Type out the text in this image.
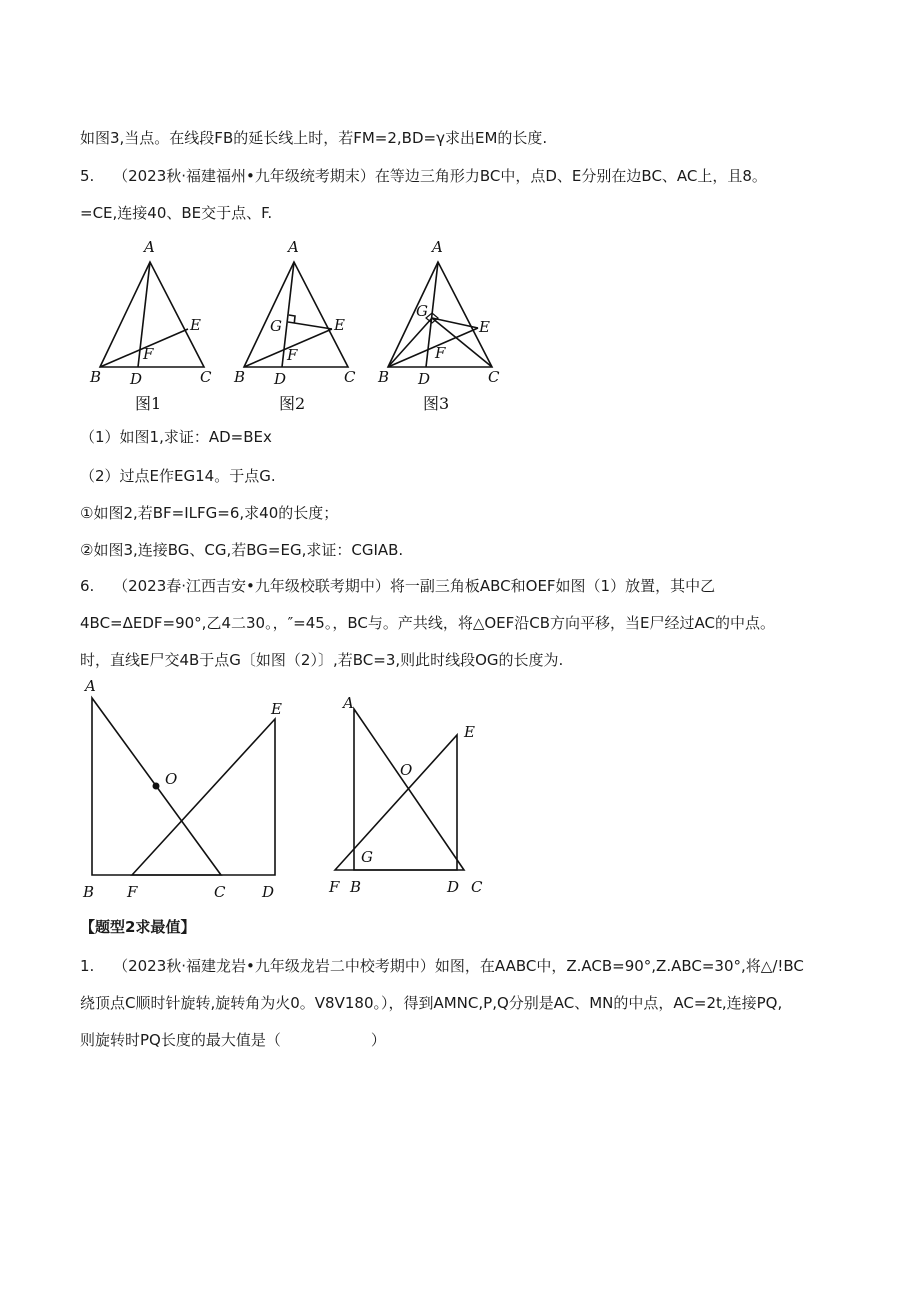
如图3,当点。在线段FB的延长线上时，若FM=2,BD=γ求出EM的长度.
5. （2023秋·福建福州•九年级统考期末）在等边三角形力BC中，点D、E分别在边BC、AC上，且8。
=CE,连接40、BE交于点、F.
A
B	C
D
E
F
图1
A
B	C
D
E
F
G
图2
A
B	C
D
E
F
G
图3
（1）如图1,求证：AD=BEx
（2）过点E作EG14。于点G.
①如图2,若BF=ILFG=6,求40的长度；
②如图3,连接BG、CG,若BG=EG,求证：CGIAB.
6. （2023春·江西吉安•九年级校联考期中）将一副三角板ABC和OEF如图（1）放置，其中乙
4BC=ΔEDF=90°,乙4二30。，″=45。，BC与。产共线，将△OEF沿CB方向平移，当E尸经过AC的中点。
时，直线E尸交4B于点G〔如图（2）〕,若BC=3,则此时线段OG的长度为.
A
B	C D
E
F
O
A
B	C
D
E
F
G
O
【题型2求最值】
1. （2023秋·福建龙岩•九年级龙岩二中校考期中）如图，在AABC中，Z.ACB=90°,Z.ABC=30°,将△/!BC
绕顶点C顺时针旋转,旋转角为火0。V8V180。），得到AMNC,P,Q分别是AC、MN的中点，AC=2t,连接PQ,
则旋转时PQ长度的最大值是（　　　　　　）
